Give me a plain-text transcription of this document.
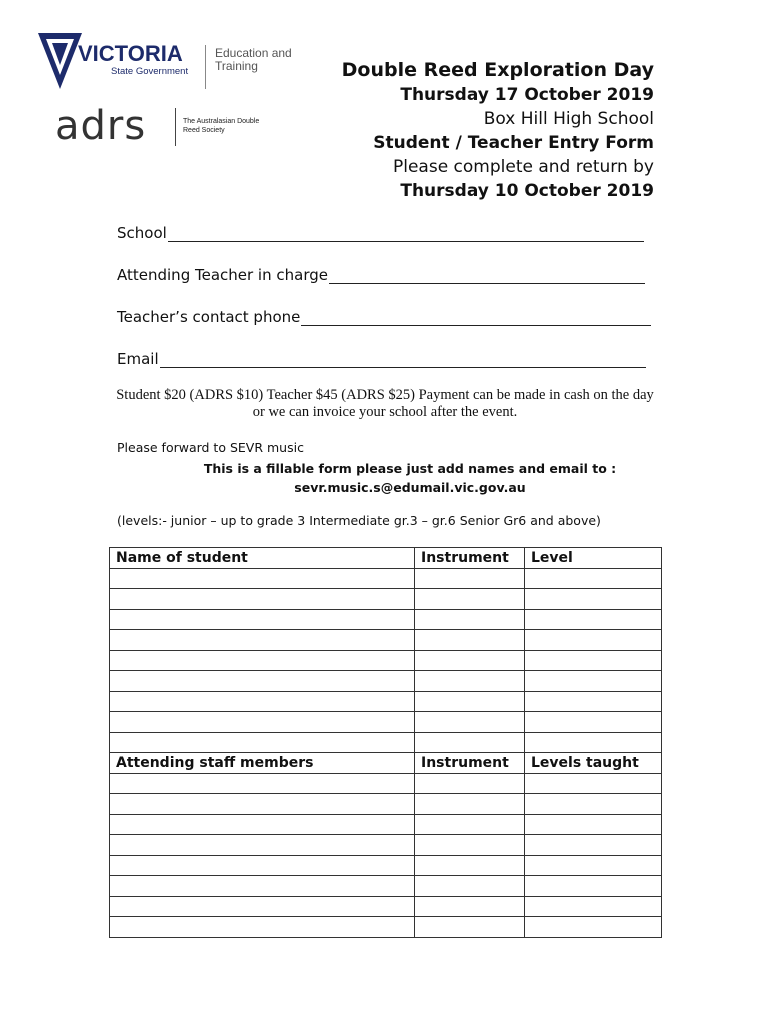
VICTORIA
State Government
Education and Training
adrs	The Australasian Double Reed Society
Double Reed Exploration Day
Thursday 17 October 2019
Box Hill High School
Student / Teacher Entry Form
Please complete and return by
Thursday 10 October 2019
School
Attending Teacher in charge
Teacher’s contact phone
Email
Student $20 (ADRS $10) Teacher $45 (ADRS $25) Payment can be made in cash on the day or we can invoice your school after the event.
Please forward to SEVR music
This is a fillable form please just add names and email to :
sevr.music.s@edumail.vic.gov.au
(levels:- junior – up to grade 3 Intermediate gr.3 – gr.6 Senior Gr6 and above)
Name of student	Instrument	Level

Attending staff members	Instrument	Levels taught
